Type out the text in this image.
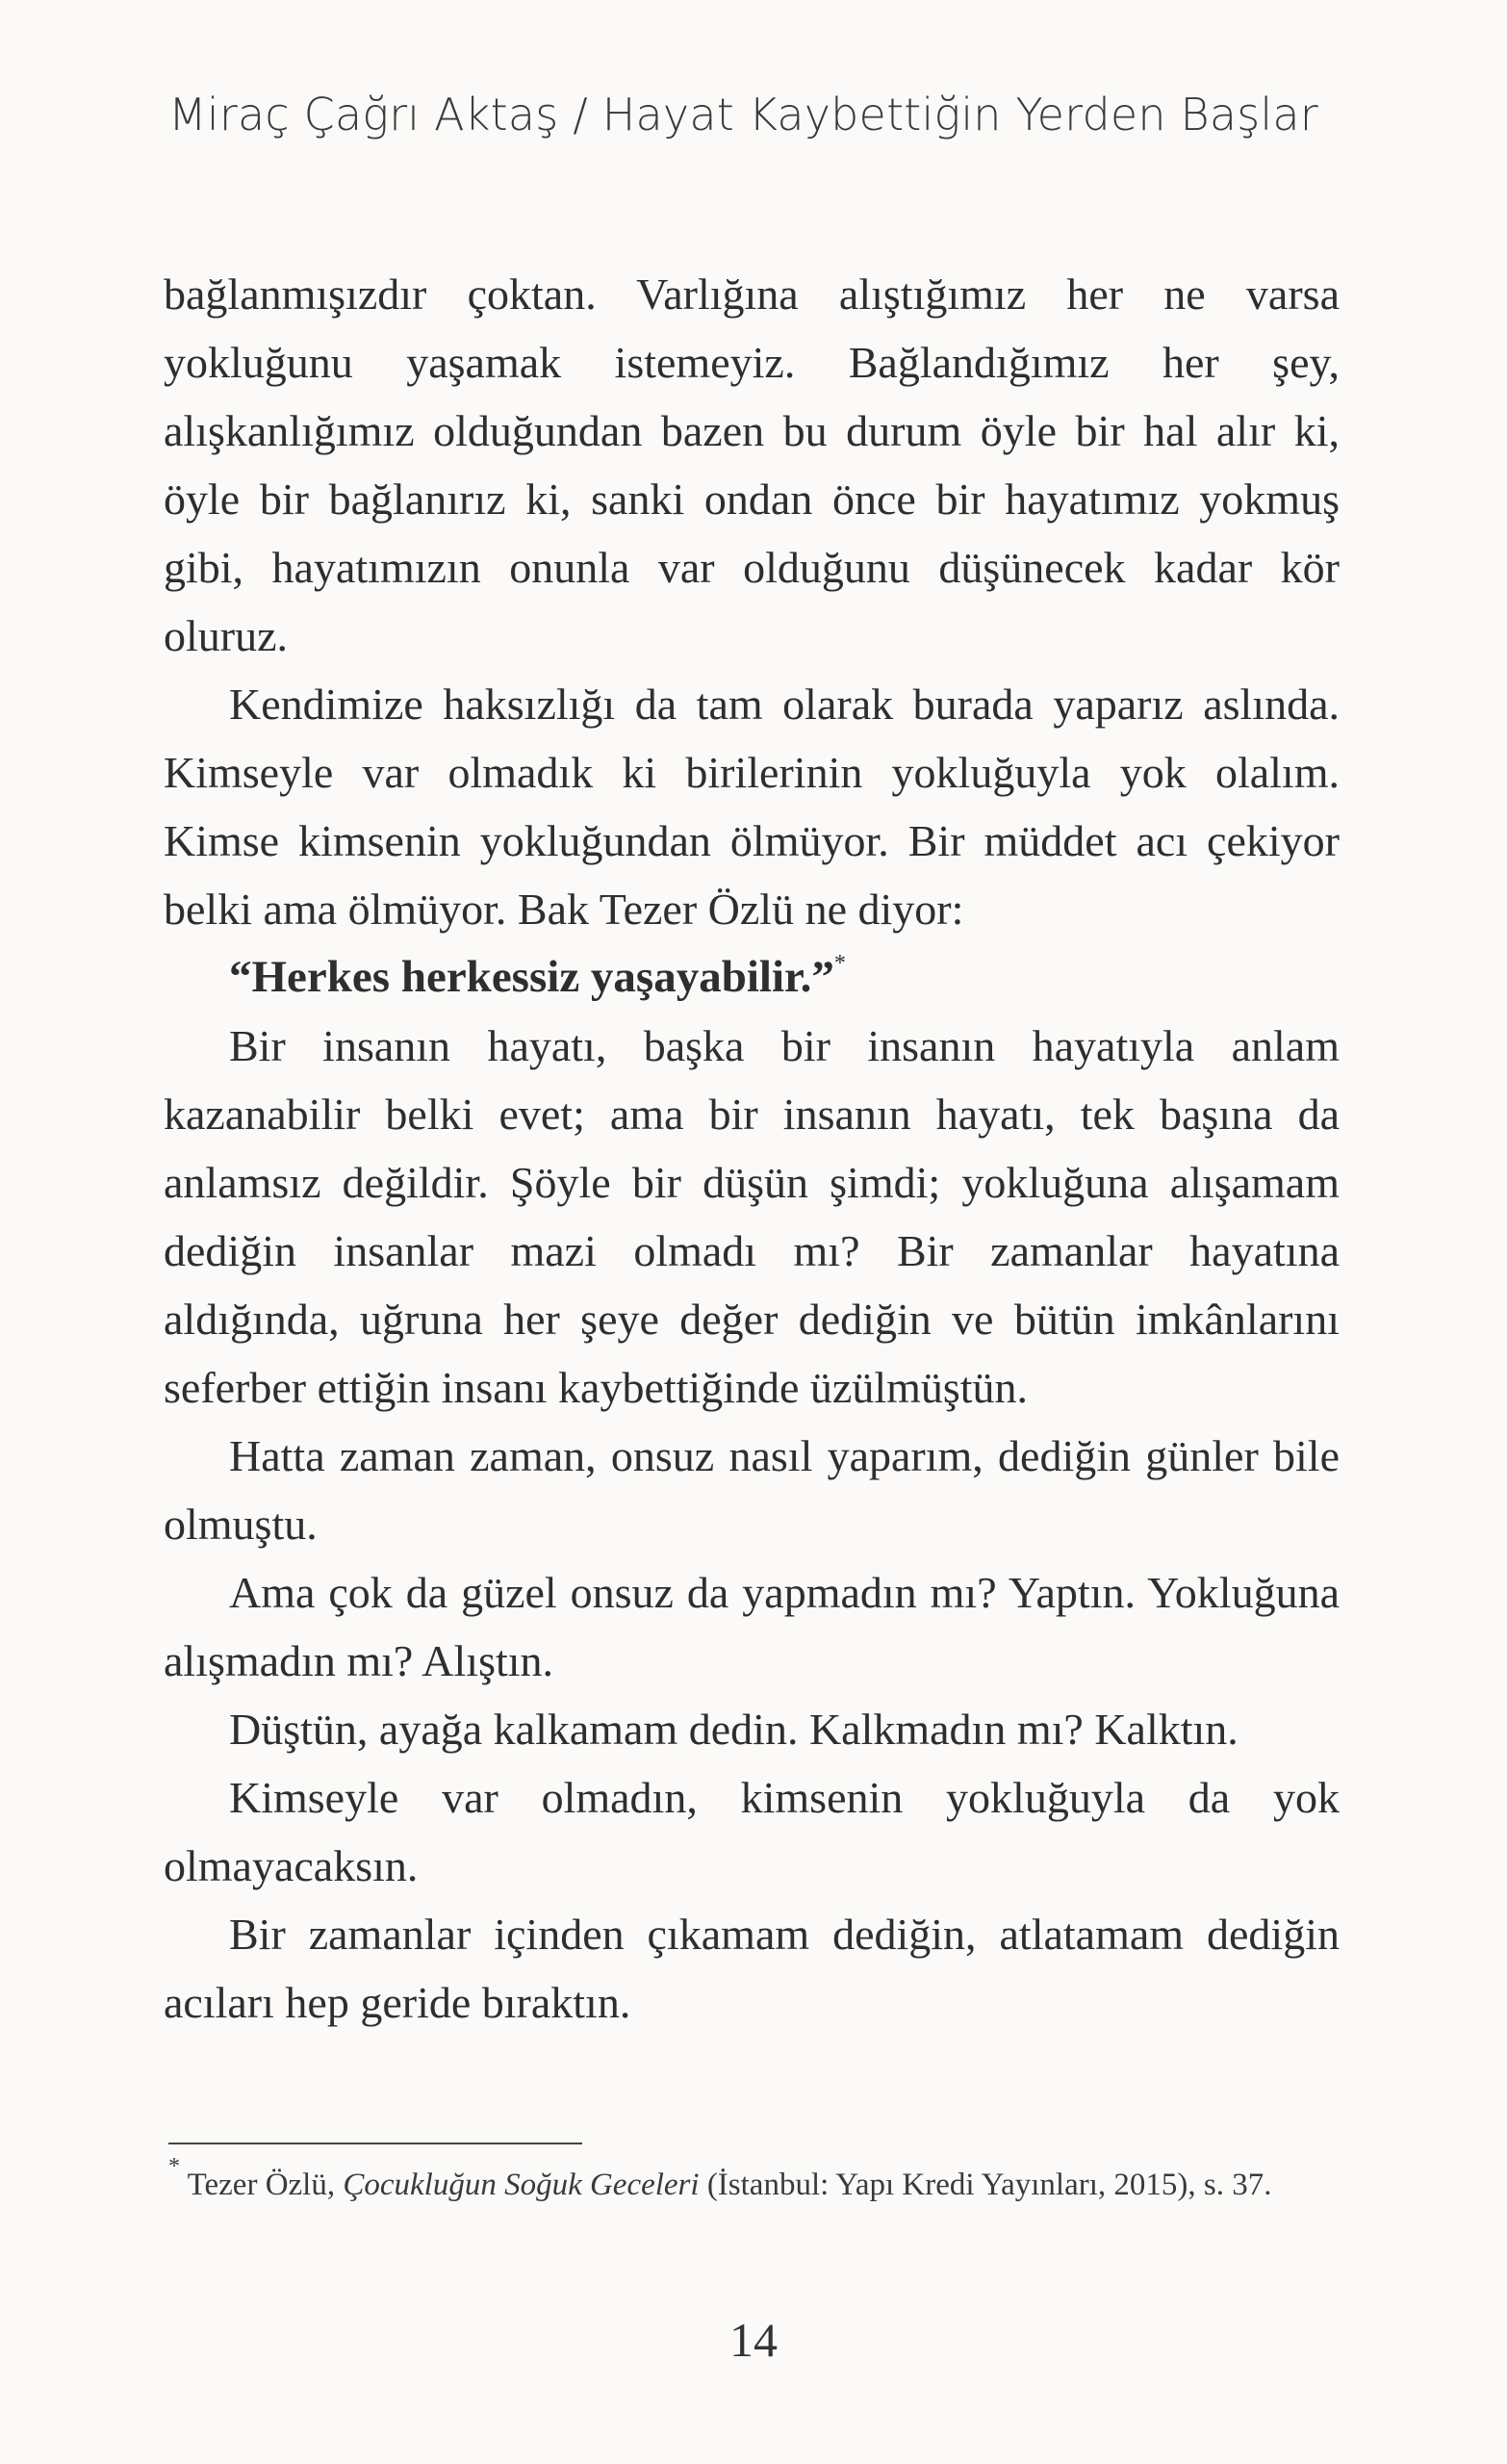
Miraç Çağrı Aktaş / Hayat Kaybettiğin Yerden Başlar

bağlanmışızdır çoktan. Varlığına alıştığımız her ne varsa yokluğunu yaşamak istemeyiz. Bağlandığımız her şey, alışkanlığımız olduğundan bazen bu durum öyle bir hal alır ki, öyle bir bağlanırız ki, sanki ondan önce bir hayatımız yokmuş gibi, hayatımızın onunla var olduğunu düşünecek kadar kör oluruz.

Kendimize haksızlığı da tam olarak burada yaparız aslında. Kimseyle var olmadık ki birilerinin yokluğuyla yok olalım. Kimse kimsenin yokluğundan ölmüyor. Bir müddet acı çekiyor belki ama ölmüyor. Bak Tezer Özlü ne diyor:

“Herkes herkessiz yaşayabilir.”*

Bir insanın hayatı, başka bir insanın hayatıyla anlam kazanabilir belki evet; ama bir insanın hayatı, tek başına da anlamsız değildir. Şöyle bir düşün şimdi; yokluğuna alışamam dediğin insanlar mazi olmadı mı? Bir zamanlar hayatına aldığında, uğruna her şeye değer dediğin ve bütün imkânlarını seferber ettiğin insanı kaybettiğinde üzülmüştün.

Hatta zaman zaman, onsuz nasıl yaparım, dediğin günler bile olmuştu.

Ama çok da güzel onsuz da yapmadın mı? Yaptın. Yokluğuna alışmadın mı? Alıştın.

Düştün, ayağa kalkamam dedin. Kalkmadın mı? Kalktın.

Kimseyle var olmadın, kimsenin yokluğuyla da yok olmayacaksın.

Bir zamanlar içinden çıkamam dediğin, atlatamam dediğin acıları hep geride bıraktın.

* Tezer Özlü, Çocukluğun Soğuk Geceleri (İstanbul: Yapı Kredi Yayınları, 2015), s. 37.
14
